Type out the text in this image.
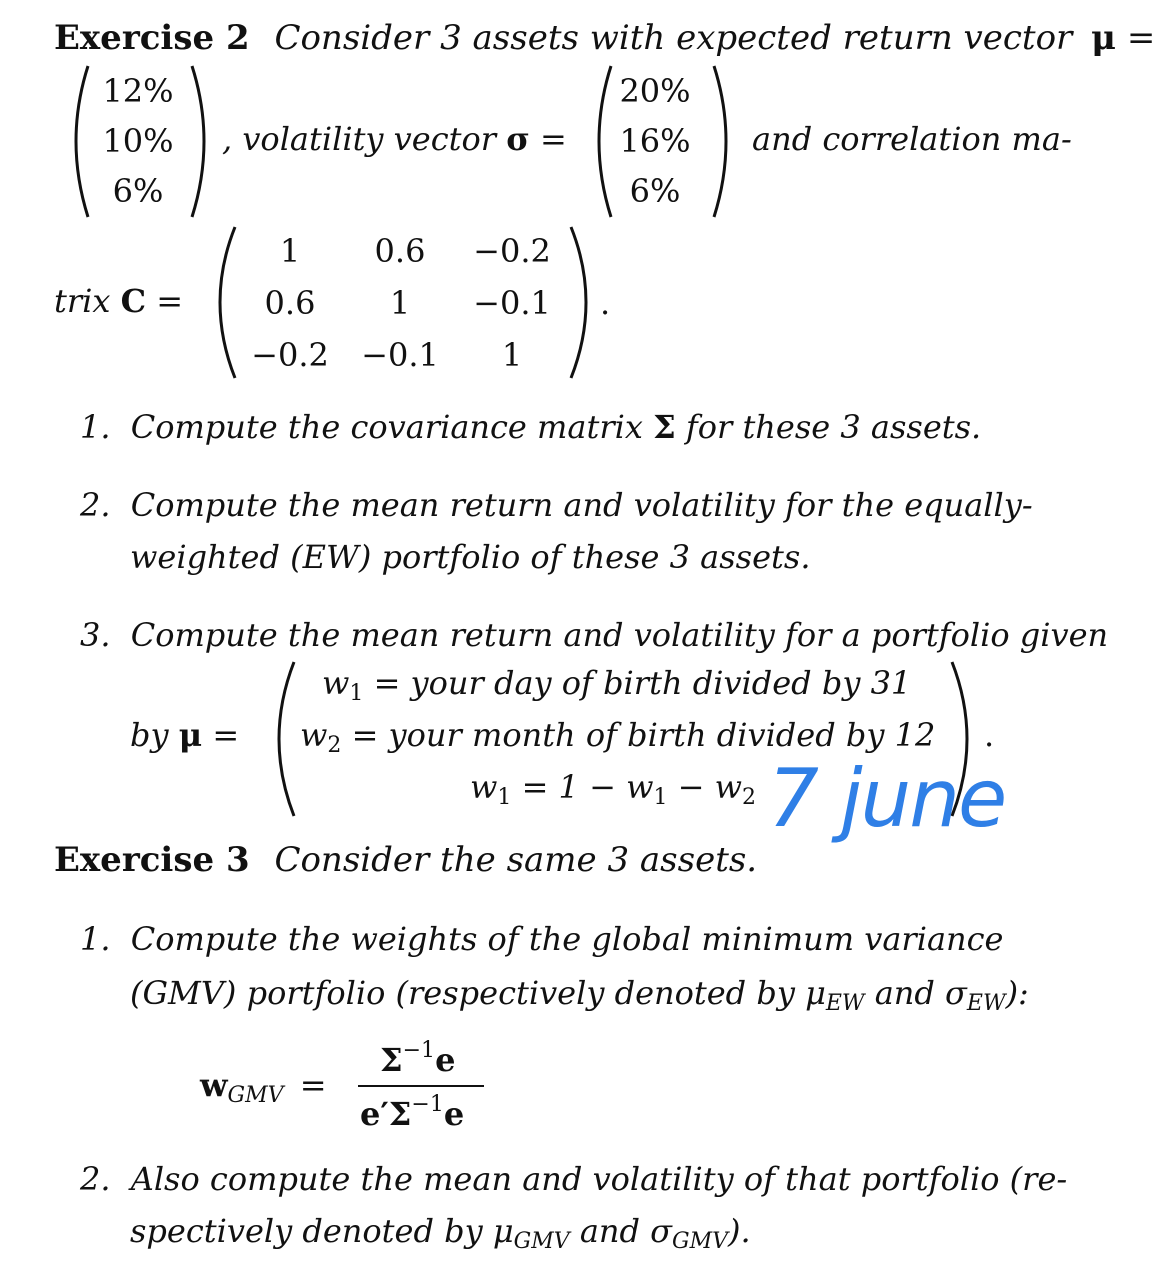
Exercise 2 Consider 3 assets with expected return vector μ =
12%
10%
6%
, volatility vector σ =
20%
16%
6%
and correlation ma-
trix C =
1	0.6	−0.2
0.6	1	−0.1
−0.2	−0.1	1
.
1. Compute the covariance matrix Σ for these 3 assets.
2. Compute the mean return and volatility for the equally-
weighted (EW) portfolio of these 3 assets.
3. Compute the mean return and volatility for a portfolio given
by μ =
$w_1$ = your day of birth divided by 31
$w_2$ = your month of birth divided by 12
$w_1 = 1 - w_1 - w_2$
.
7 june
Exercise 3 Consider the same 3 assets.
1. Compute the weights of the global minimum variance
(GMV) portfolio (respectively denoted by $\mu_{EW}$ and $\sigma_{EW}$):
$w_{GMV}$ =
$\Sigma^{-1}e$
$e'\Sigma^{-1}e$
2. Also compute the mean and volatility of that portfolio (re-
spectively denoted by $\mu_{GMV}$ and $\sigma_{GMV}$).
